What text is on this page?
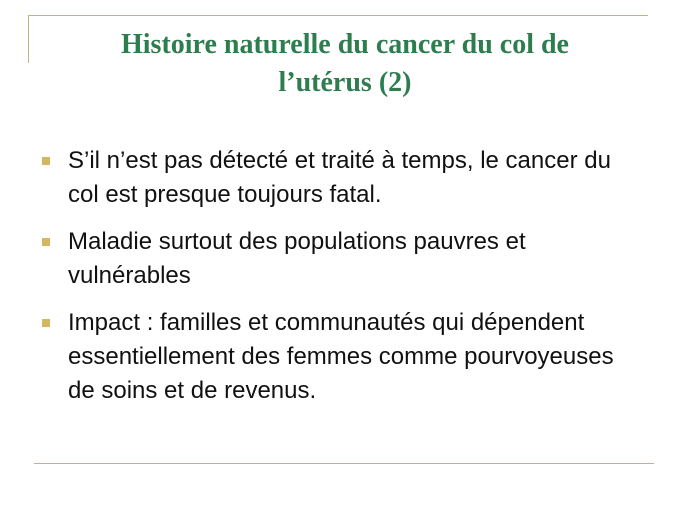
Histoire naturelle du cancer du col de
l’utérus (2)
S’il n’est pas détecté et traité à temps, le cancer du col est presque toujours fatal.
Maladie surtout des populations pauvres et vulnérables
Impact : familles et communautés qui dépendent essentiellement des femmes comme pourvoyeuses de soins et de revenus.
